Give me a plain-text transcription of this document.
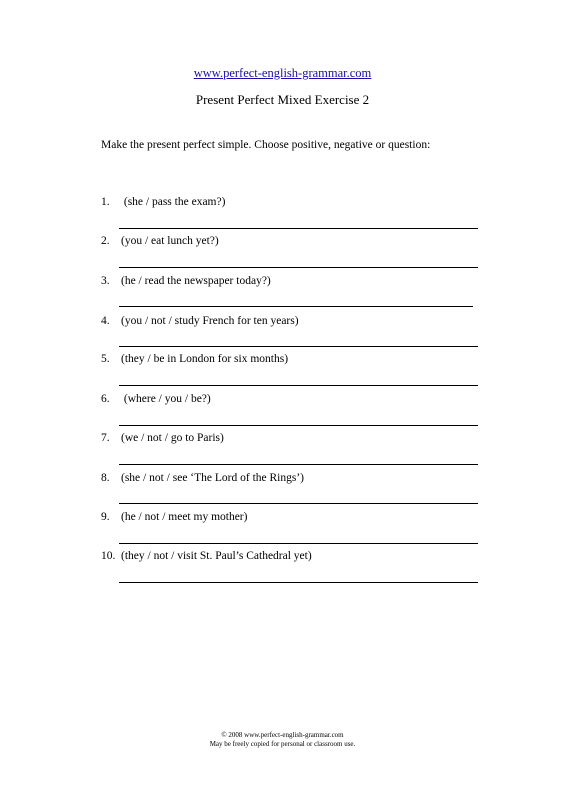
www.perfect-english-grammar.com
Present Perfect Mixed Exercise 2
Make the present perfect simple. Choose positive, negative or question:
1. (she / pass the exam?)
2. (you / eat lunch yet?)
3. (he / read the newspaper today?)
4. (you / not / study French for ten years)
5. (they / be in London for six months)
6. (where / you / be?)
7. (we / not / go to Paris)
8. (she / not / see ‘The Lord of the Rings’)
9. (he / not / meet my mother)
10. (they / not / visit St. Paul’s Cathedral yet)
© 2008 www.perfect-english-grammar.com
May be freely copied for personal or classroom use.
